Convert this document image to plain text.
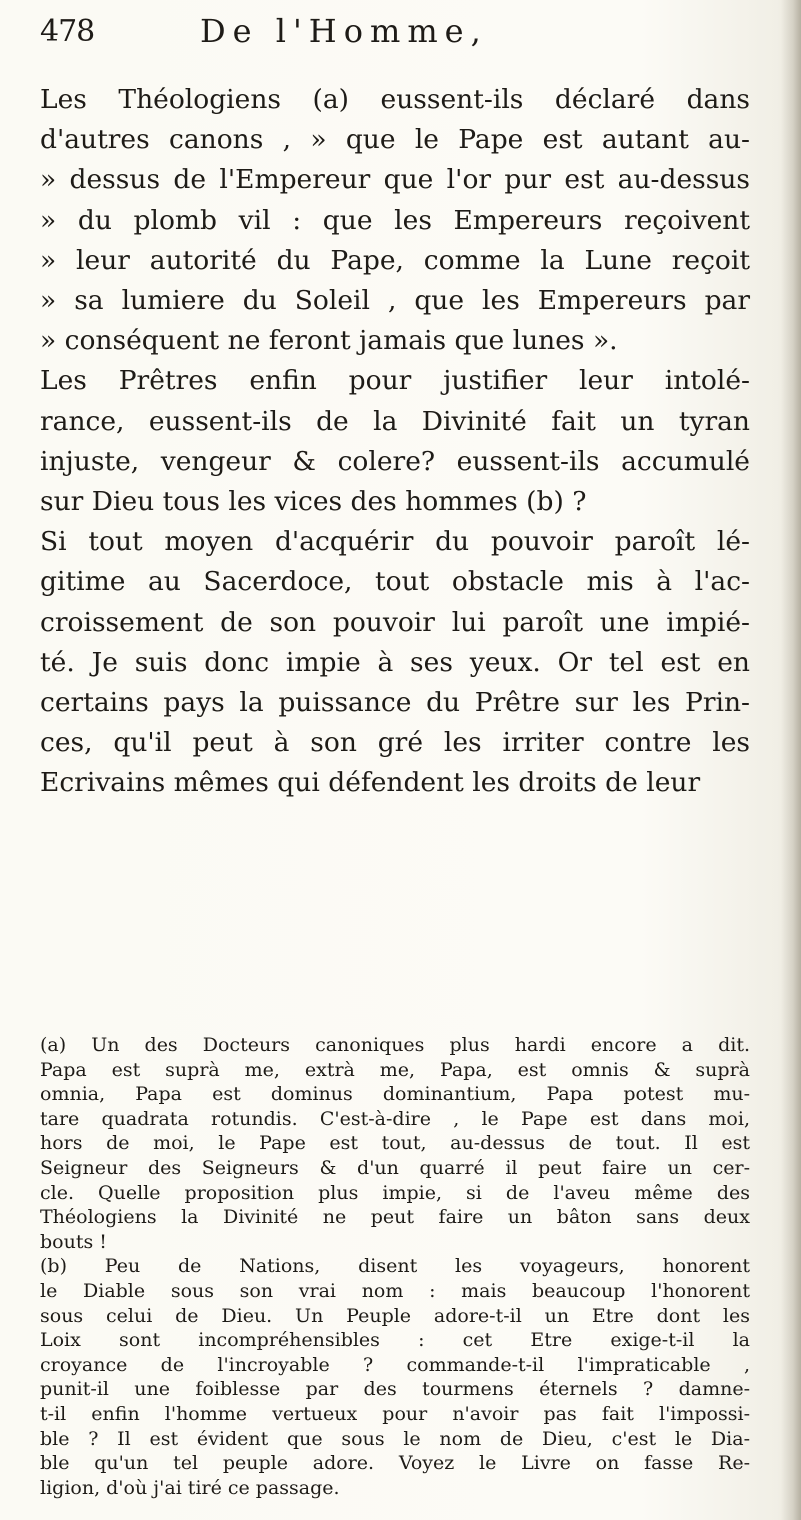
478	De l'Homme,

Les Théologiens (a) eussent-ils déclaré dans

d'autres canons , » que le Pape est autant au-

» dessus de l'Empereur que l'or pur est au-dessus

» du plomb vil : que les Empereurs reçoivent

» leur autorité du Pape, comme la Lune reçoit

» sa lumiere du Soleil , que les Empereurs par

» conséquent ne feront jamais que lunes ».

Les Prêtres enfin pour justifier leur intolé-

rance, eussent-ils de la Divinité fait un tyran

injuste, vengeur & colere? eussent-ils accumulé

sur Dieu tous les vices des hommes (b) ?

Si tout moyen d'acquérir du pouvoir paroît lé-

gitime au Sacerdoce, tout obstacle mis à l'ac-

croissement de son pouvoir lui paroît une impié-

té. Je suis donc impie à ses yeux. Or tel est en

certains pays la puissance du Prêtre sur les Prin-

ces, qu'il peut à son gré les irriter contre les

Ecrivains mêmes qui défendent les droits de leur

(a) Un des Docteurs canoniques plus hardi encore a dit.

Papa est suprà me, extrà me, Papa, est omnis & suprà

omnia, Papa est dominus dominantium, Papa potest mu-

tare quadrata rotundis. C'est-à-dire , le Pape est dans moi,

hors de moi, le Pape est tout, au-dessus de tout. Il est

Seigneur des Seigneurs & d'un quarré il peut faire un cer-

cle. Quelle proposition plus impie, si de l'aveu même des

Théologiens la Divinité ne peut faire un bâton sans deux

bouts !

(b) Peu de Nations, disent les voyageurs, honorent

le Diable sous son vrai nom : mais beaucoup l'honorent

sous celui de Dieu. Un Peuple adore-t-il un Etre dont les

Loix sont incompréhensibles : cet Etre exige-t-il la

croyance de l'incroyable ? commande-t-il l'impraticable ,

punit-il une foiblesse par des tourmens éternels ? damne-

t-il enfin l'homme vertueux pour n'avoir pas fait l'impossi-

ble ? Il est évident que sous le nom de Dieu, c'est le Dia-

ble qu'un tel peuple adore. Voyez le Livre on fasse Re-

ligion, d'où j'ai tiré ce passage.
